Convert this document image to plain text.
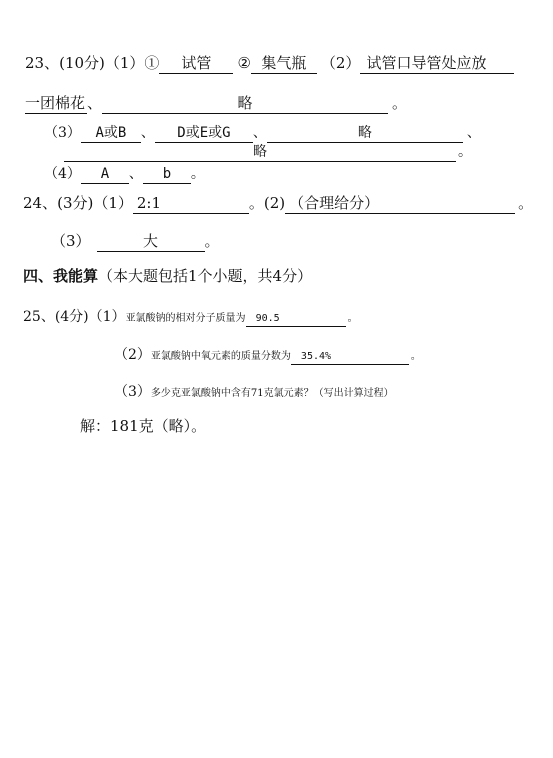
23、(10分)（1）① 试管 ② 集气瓶 （2） 试管口导管处应放
一团棉花 、	略	。
（3） A或B 、 D或E或G 、	略	、
略	。
（4） A 、 b 。
24、(3分)（1） 2:1	。(2) （合理给分）	。
（3）	大	。
四、我能算（本大题包括1个小题，共4分）
25、(4分)（1）亚氯酸钠的相对分子质量为 90.5	。
（2）亚氯酸钠中氧元素的质量分数为 35.4%	。
（3）多少克亚氯酸钠中含有71克氯元素？（写出计算过程）
解：181克（略）。
